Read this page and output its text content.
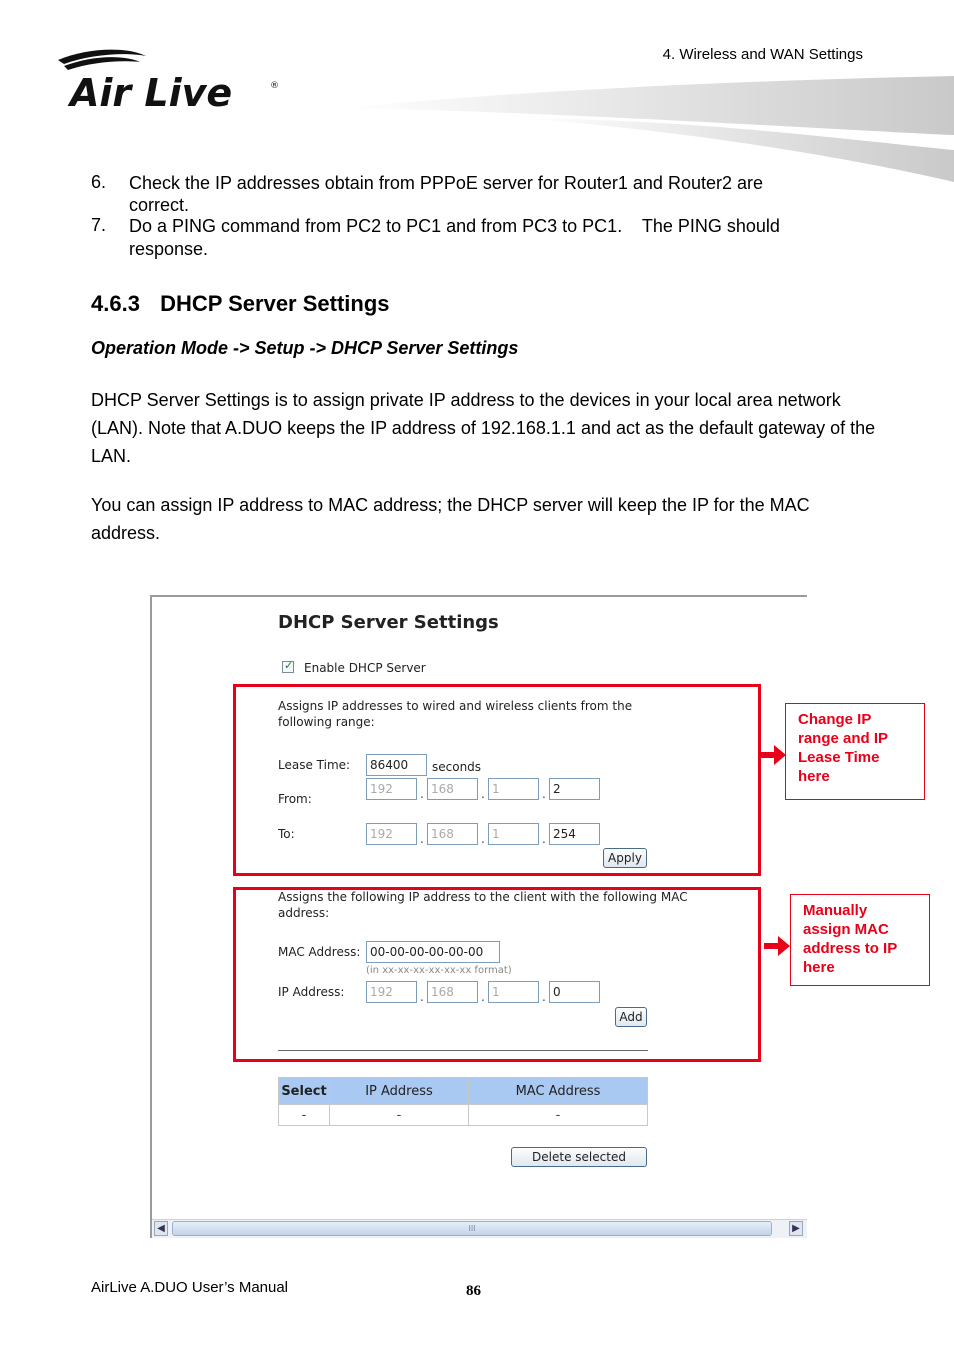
4. Wireless and WAN Settings
Air Live	®
6. Check the IP addresses obtain from PPPoE server for Router1 and Router2 are
correct.
7. Do a PING command from PC2 to PC1 and from PC3 to PC1.    The PING should
response.
4.6.3 DHCP Server Settings
Operation Mode -> Setup -> DHCP Server Settings
DHCP Server Settings is to assign private IP address to the devices in your local area network (LAN). Note that A.DUO keeps the IP address of 192.168.1.1 and act as the default gateway of the LAN.
You can assign IP address to MAC address; the DHCP server will keep the IP for the MAC address.
DHCP Server Settings
✓
Enable DHCP Server
Assigns IP addresses to wired and wireless clients from the
following range:
Lease Time:	86400	seconds
From:
192	. 168	. 1	. 2
To:	192	. 168	. 1	. 254
Apply
Assigns the following IP address to the client with the following MAC
address:
MAC Address: 00-00-00-00-00-00
(in xx-xx-xx-xx-xx-xx format)
IP Address:	192	. 168	. 1	. 0
Add
Select	IP Address	MAC Address
-	-	-
Delete selected
◀	III	▶
Change IP range and IP Lease Time here
Manually assign MAC address to IP here
AirLive A.DUO User’s Manual	86
